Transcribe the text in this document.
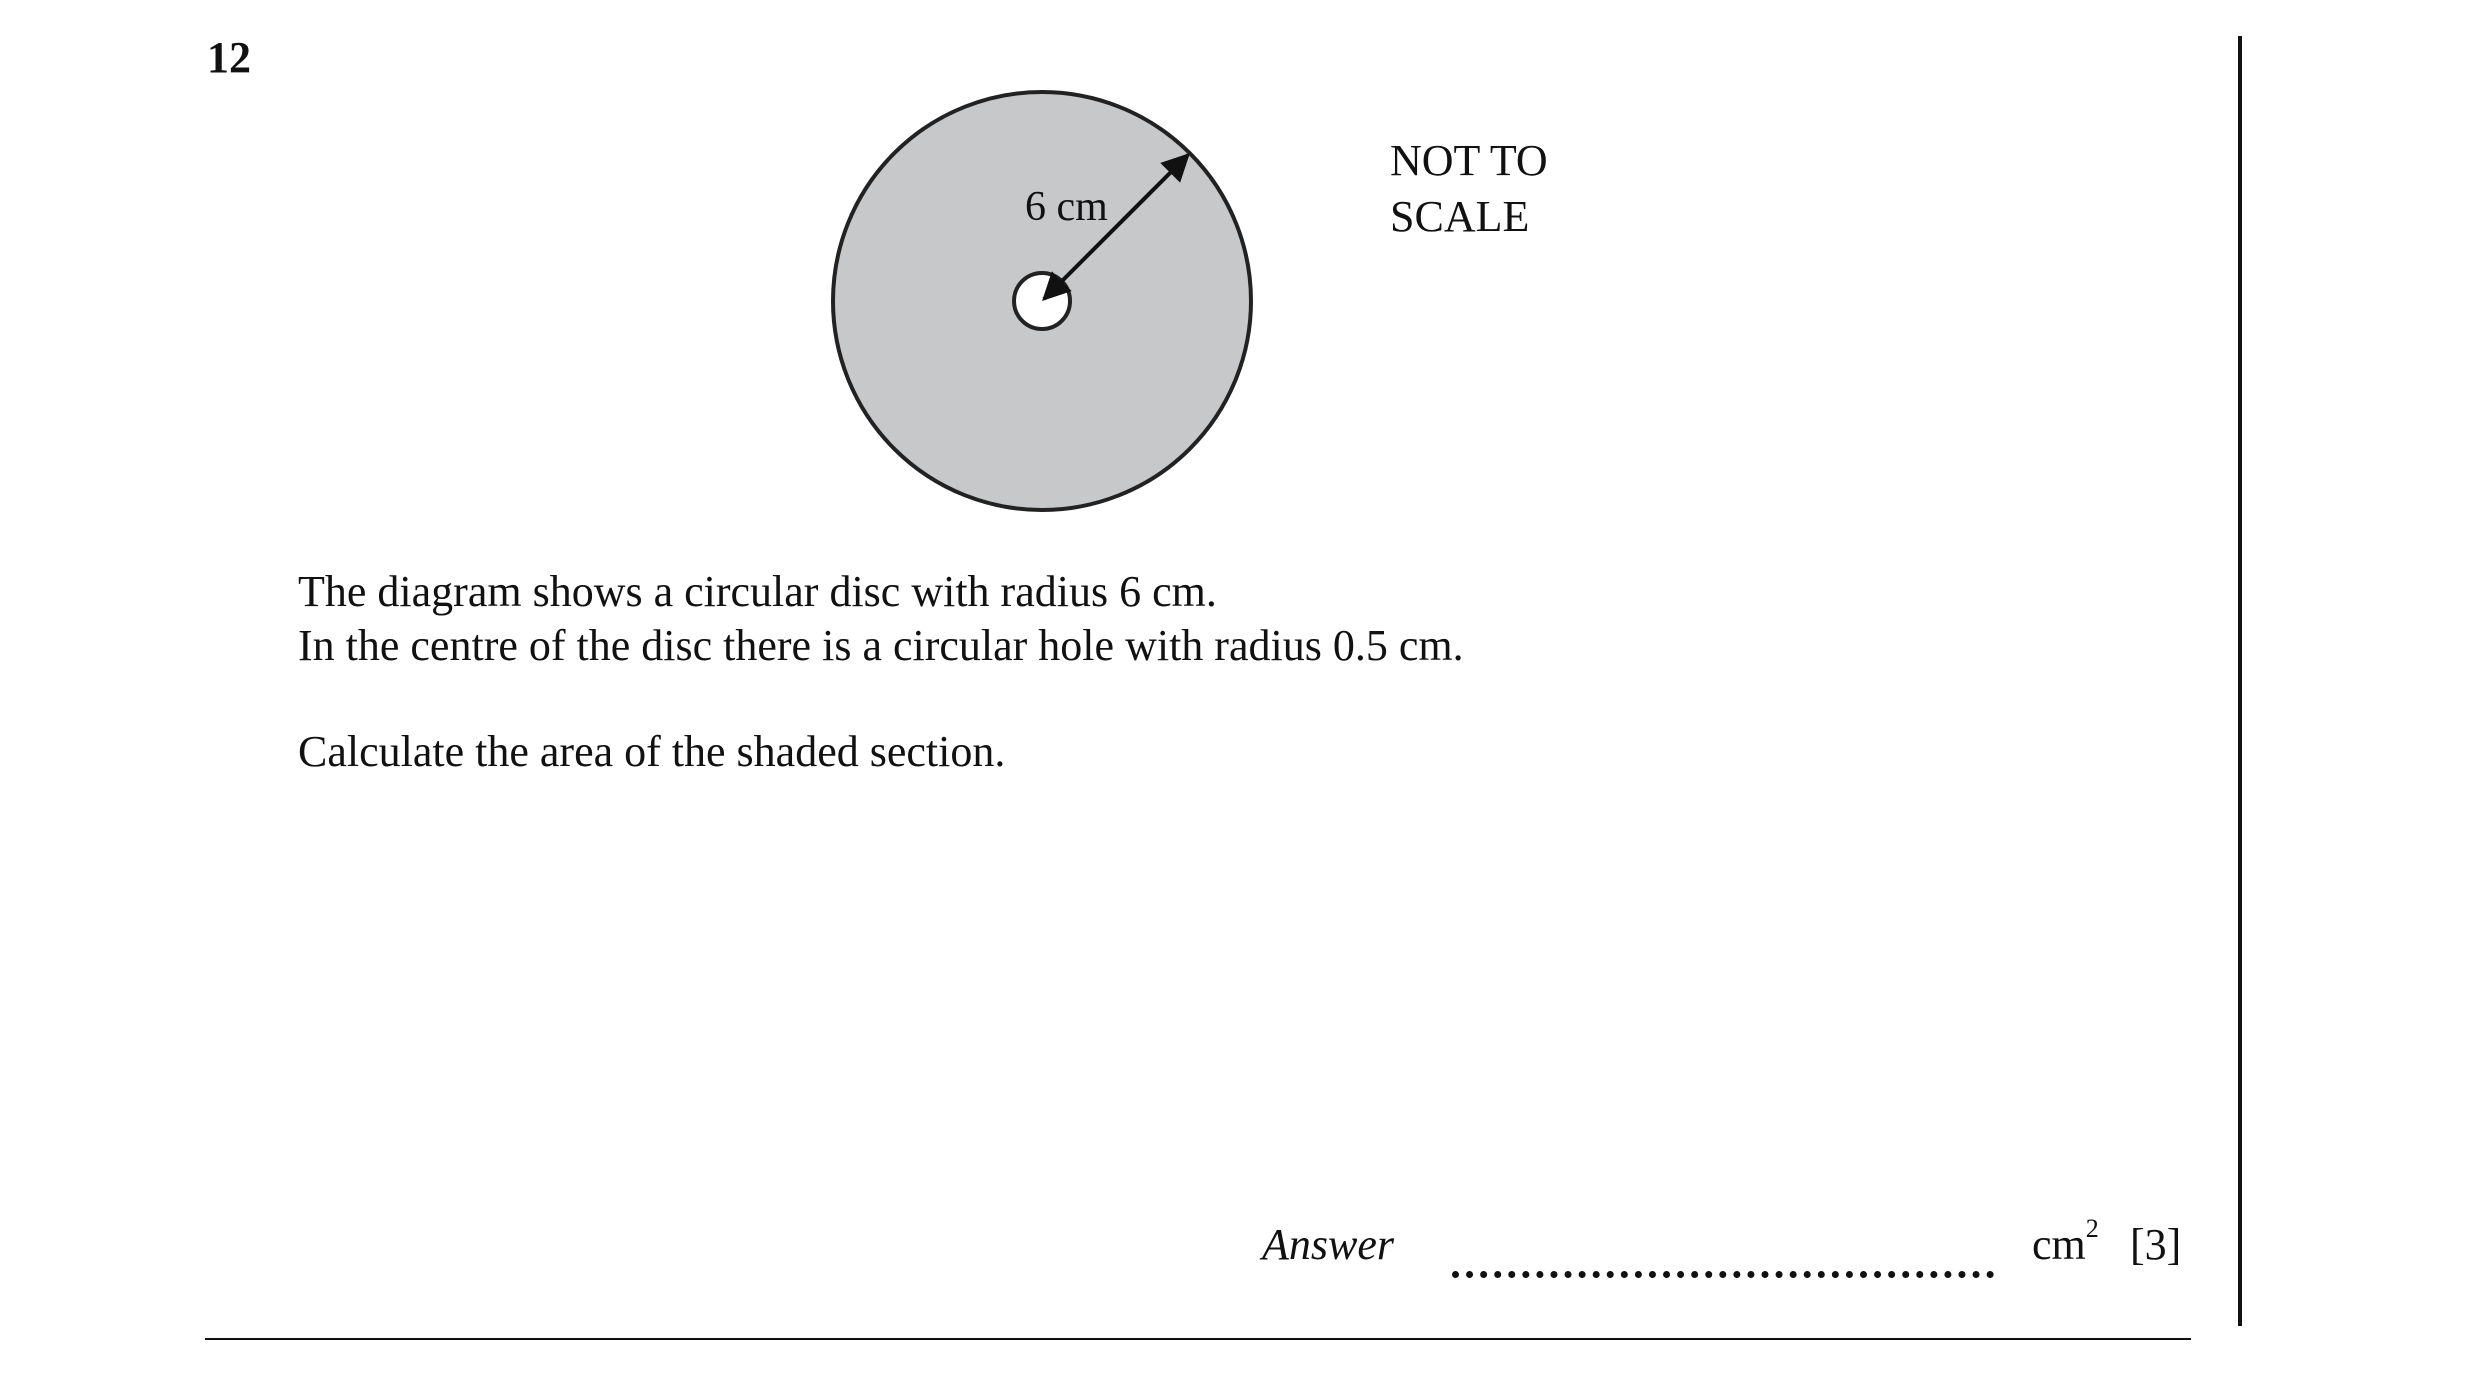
12
6 cm
NOT TO
SCALE

The diagram shows a circular disc with radius 6 cm.

In the centre of the disc there is a circular hole with radius 0.5 cm.

Calculate the area of the shaded section.

Answer	$cm^2$ [3]
